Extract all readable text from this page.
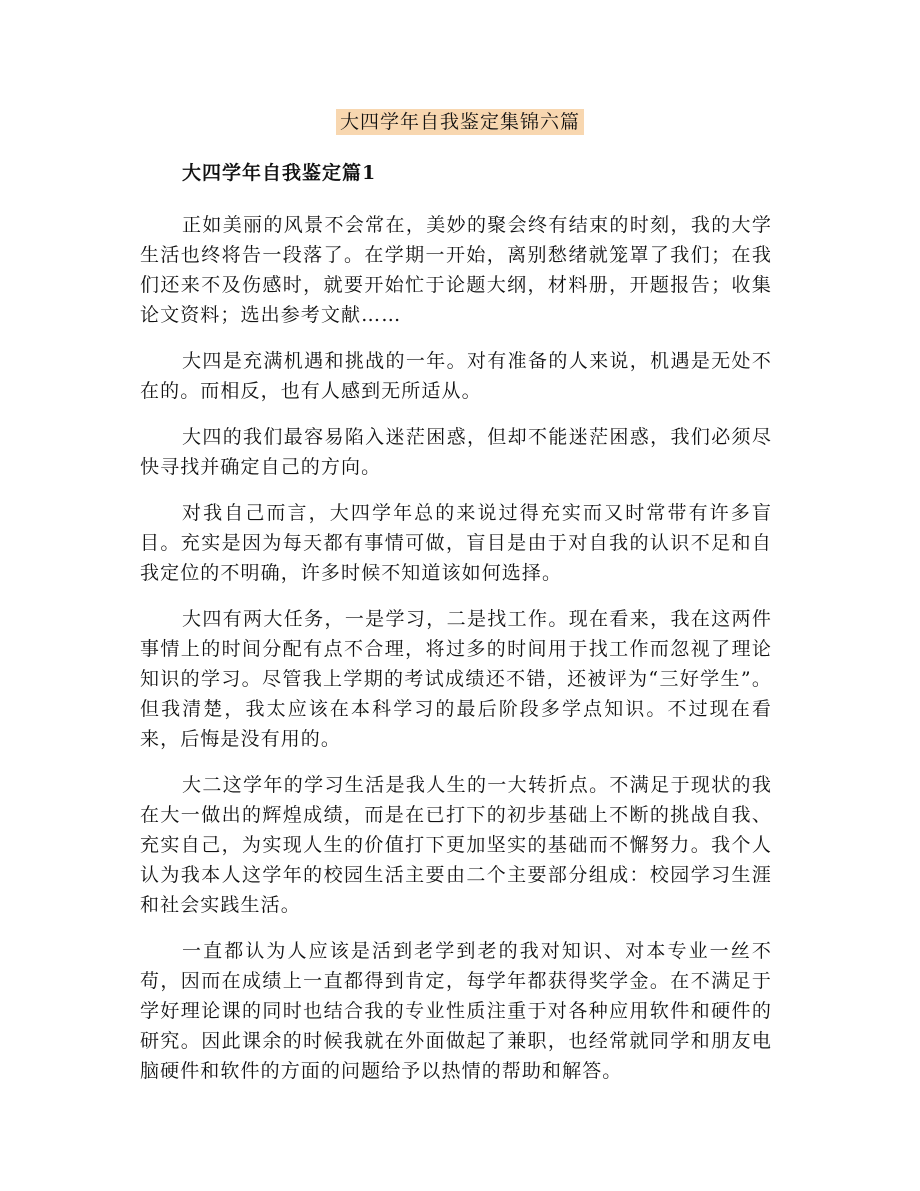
大四学年自我鉴定集锦六篇
大四学年自我鉴定篇1

正如美丽的风景不会常在，美妙的聚会终有结束的时刻，我的大学生活也终将告一段落了。在学期一开始，离别愁绪就笼罩了我们；在我们还来不及伤感时，就要开始忙于论题大纲，材料册，开题报告；收集论文资料；选出参考文献……

大四是充满机遇和挑战的一年。对有准备的人来说，机遇是无处不在的。而相反，也有人感到无所适从。

大四的我们最容易陷入迷茫困惑，但却不能迷茫困惑，我们必须尽快寻找并确定自己的方向。

对我自己而言，大四学年总的来说过得充实而又时常带有许多盲目。充实是因为每天都有事情可做，盲目是由于对自我的认识不足和自我定位的不明确，许多时候不知道该如何选择。

大四有两大任务，一是学习，二是找工作。现在看来，我在这两件事情上的时间分配有点不合理，将过多的时间用于找工作而忽视了理论知识的学习。尽管我上学期的考试成绩还不错，还被评为“三好学生”。但我清楚，我太应该在本科学习的最后阶段多学点知识。不过现在看来，后悔是没有用的。

大二这学年的学习生活是我人生的一大转折点。不满足于现状的我在大一做出的辉煌成绩，而是在已打下的初步基础上不断的挑战自我、充实自己，为实现人生的价值打下更加坚实的基础而不懈努力。我个人认为我本人这学年的校园生活主要由二个主要部分组成：校园学习生涯和社会实践生活。

一直都认为人应该是活到老学到老的我对知识、对本专业一丝不苟，因而在成绩上一直都得到肯定，每学年都获得奖学金。在不满足于学好理论课的同时也结合我的专业性质注重于对各种应用软件和硬件的研究。因此课余的时候我就在外面做起了兼职，也经常就同学和朋友电脑硬件和软件的方面的问题给予以热情的帮助和解答。
